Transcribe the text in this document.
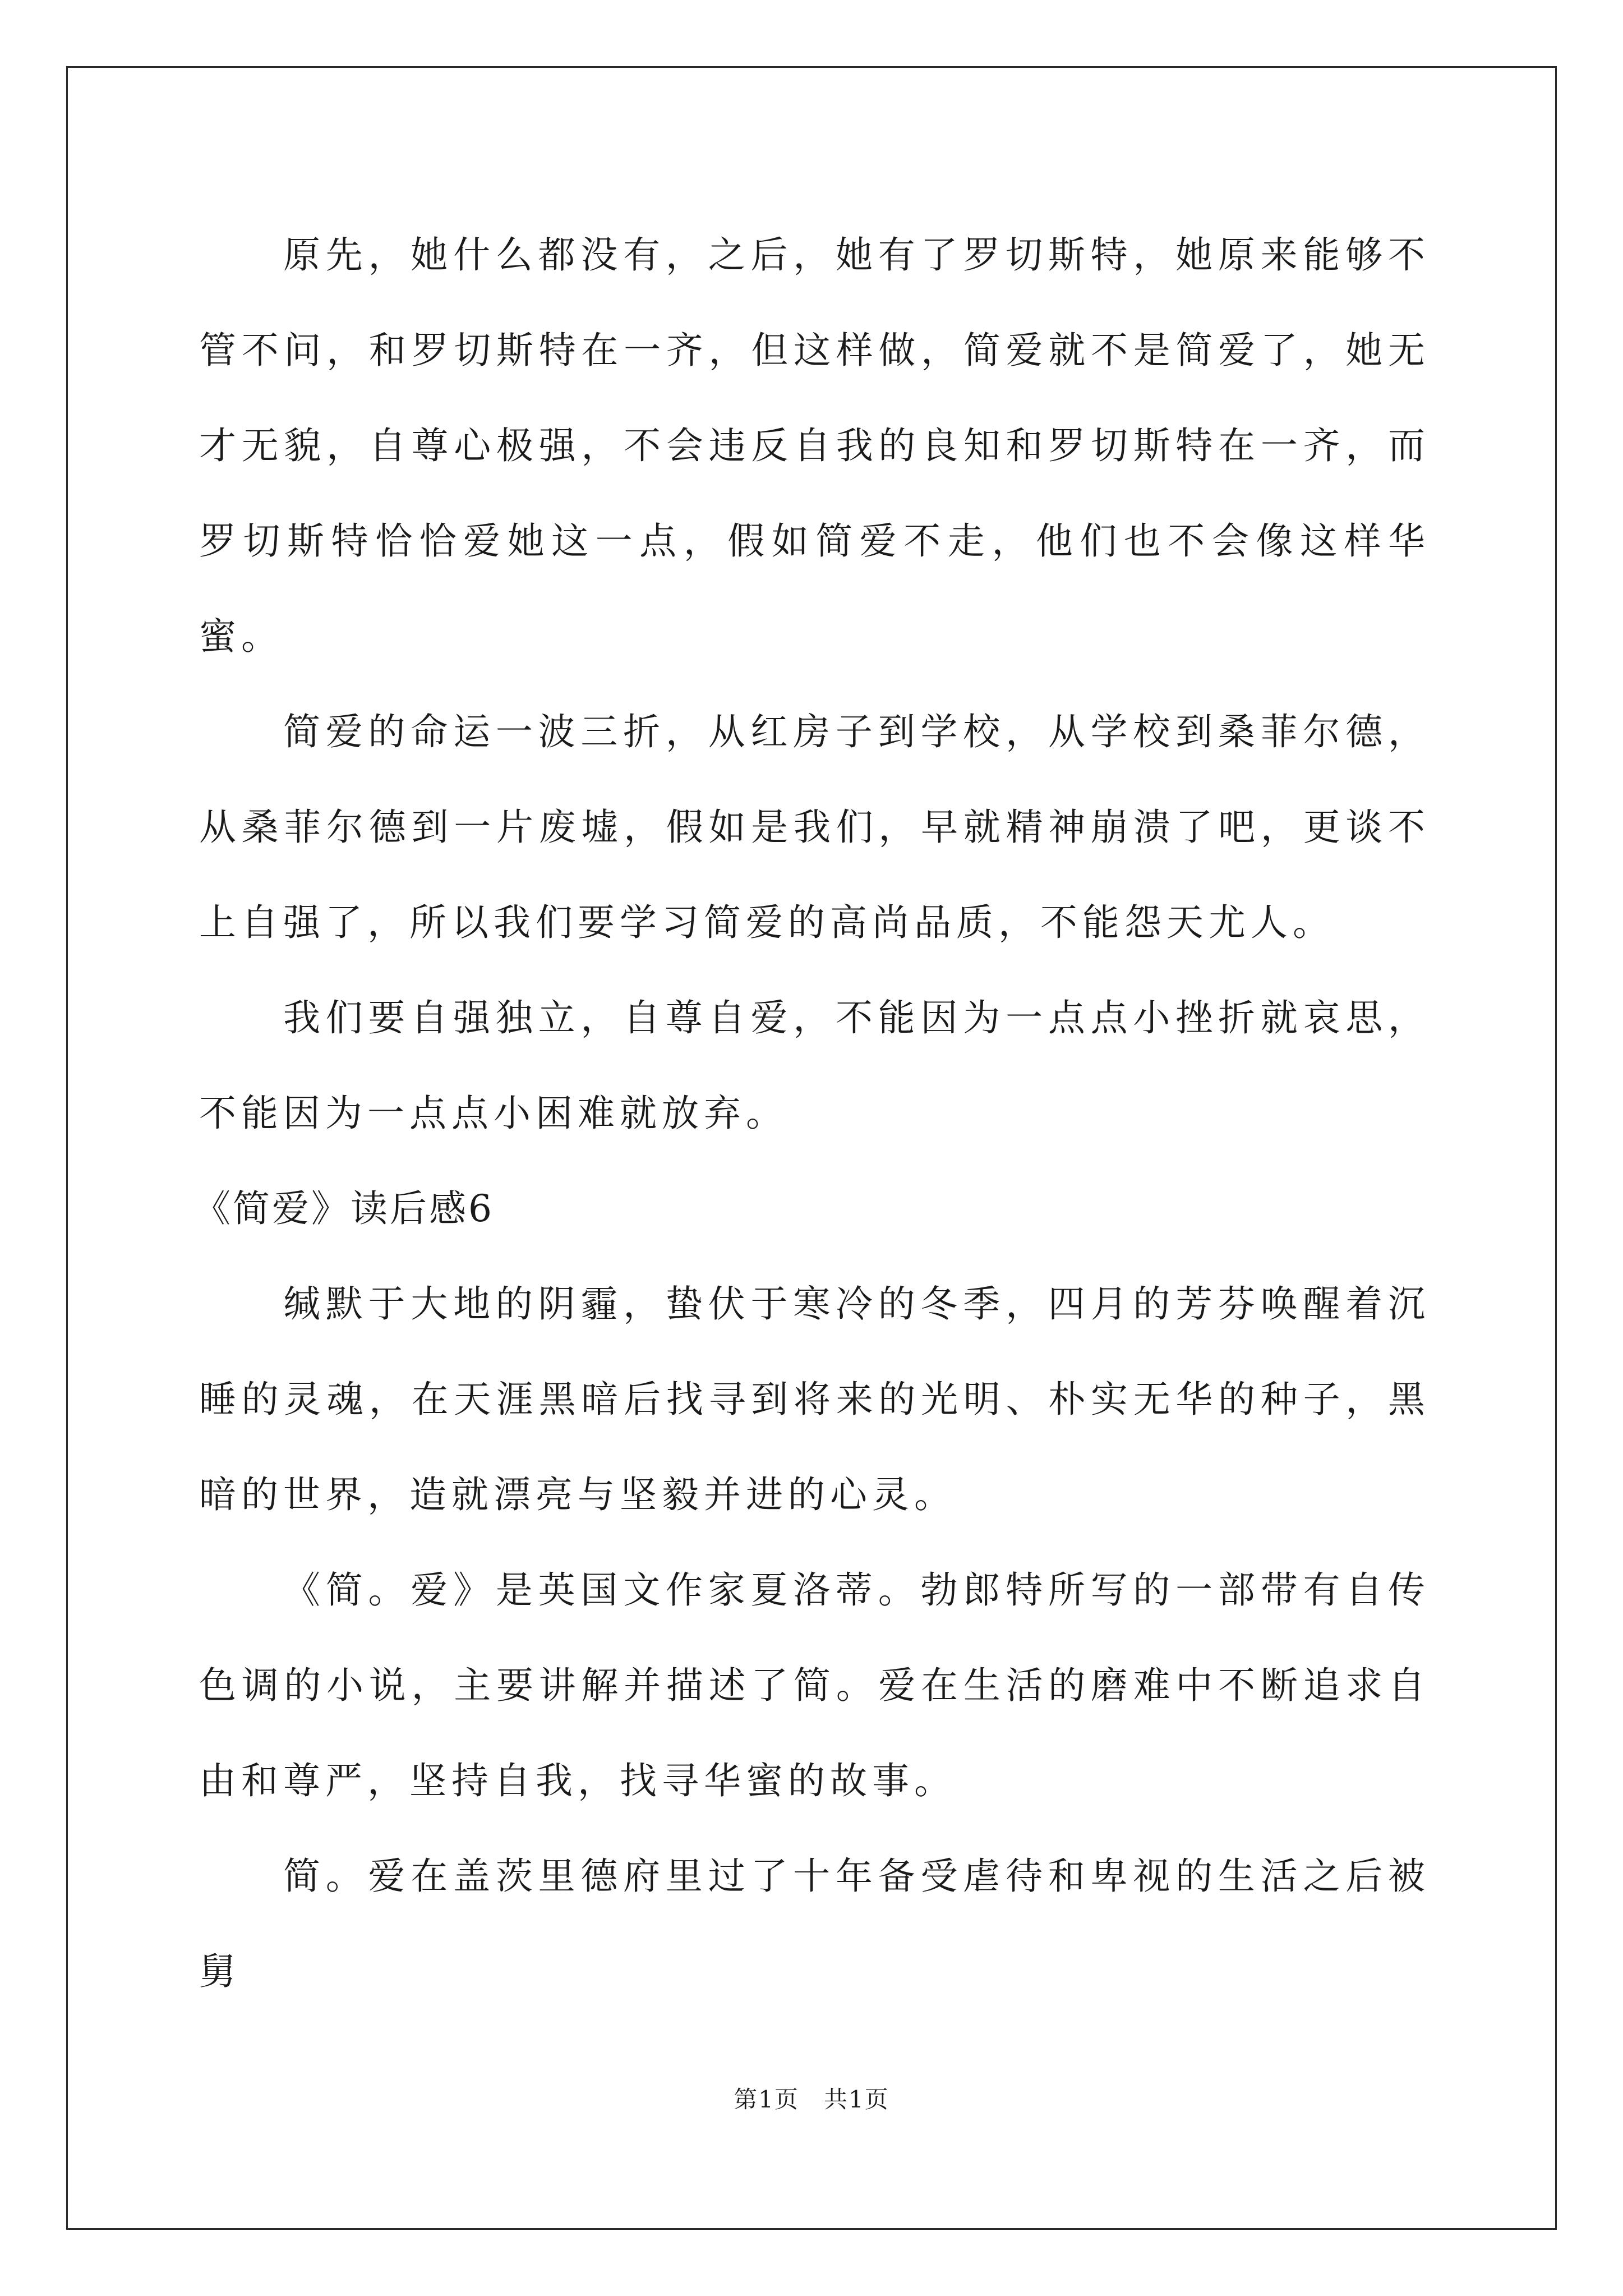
原先，她什么都没有，之后，她有了罗切斯特，她原来能够不管不问，和罗切斯特在一齐，但这样做，简爱就不是简爱了，她无才无貌，自尊心极强，不会违反自我的良知和罗切斯特在一齐，而罗切斯特恰恰爱她这一点，假如简爱不走，他们也不会像这样华蜜。

简爱的命运一波三折，从红房子到学校，从学校到桑菲尔德，从桑菲尔德到一片废墟，假如是我们，早就精神崩溃了吧，更谈不上自强了，所以我们要学习简爱的高尚品质，不能怨天尤人。

我们要自强独立，自尊自爱，不能因为一点点小挫折就哀思，不能因为一点点小困难就放弃。

《简爱》读后感6

缄默于大地的阴霾，蛰伏于寒冷的冬季，四月的芳芬唤醒着沉睡的灵魂，在天涯黑暗后找寻到将来的光明、朴实无华的种子，黑暗的世界，造就漂亮与坚毅并进的心灵。

《简。爱》是英国文作家夏洛蒂。勃郎特所写的一部带有自传色调的小说，主要讲解并描述了简。爱在生活的磨难中不断追求自由和尊严，坚持自我，找寻华蜜的故事。

简。爱在盖茨里德府里过了十年备受虐待和卑视的生活之后被舅

第1页　共1页
